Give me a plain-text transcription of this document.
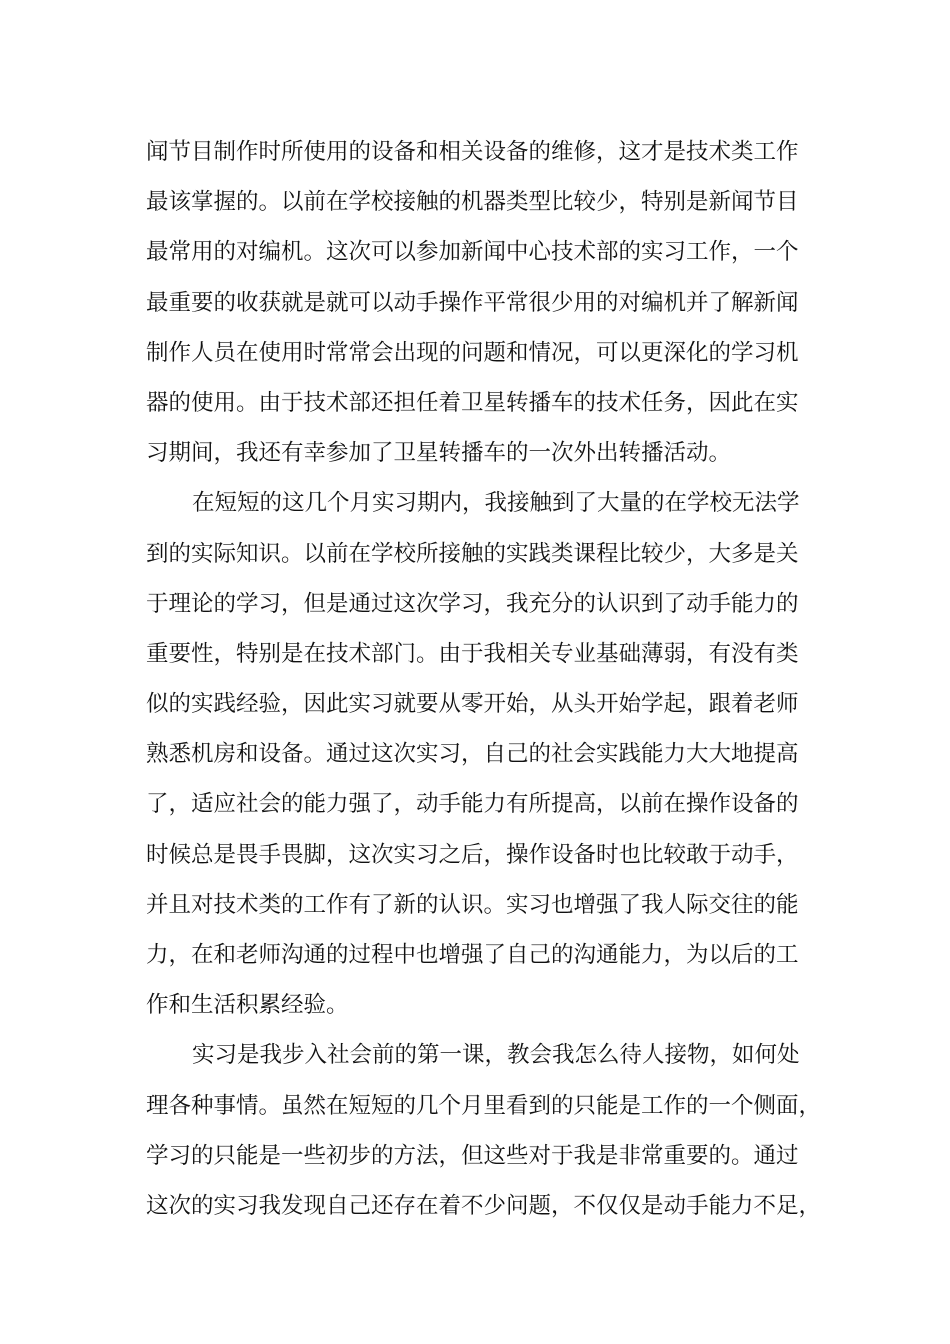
闻节目制作时所使用的设备和相关设备的维修，这才是技术类工作
最该掌握的。以前在学校接触的机器类型比较少，特别是新闻节目
最常用的对编机。这次可以参加新闻中心技术部的实习工作，一个
最重要的收获就是就可以动手操作平常很少用的对编机并了解新闻
制作人员在使用时常常会出现的问题和情况，可以更深化的学习机
器的使用。由于技术部还担任着卫星转播车的技术任务，因此在实
习期间，我还有幸参加了卫星转播车的一次外出转播活动。
在短短的这几个月实习期内，我接触到了大量的在学校无法学
到的实际知识。以前在学校所接触的实践类课程比较少，大多是关
于理论的学习，但是通过这次学习，我充分的认识到了动手能力的
重要性，特别是在技术部门。由于我相关专业基础薄弱，有没有类
似的实践经验，因此实习就要从零开始，从头开始学起，跟着老师
熟悉机房和设备。通过这次实习，自己的社会实践能力大大地提高
了，适应社会的能力强了，动手能力有所提高，以前在操作设备的
时候总是畏手畏脚，这次实习之后，操作设备时也比较敢于动手，
并且对技术类的工作有了新的认识。实习也增强了我人际交往的能
力，在和老师沟通的过程中也增强了自己的沟通能力，为以后的工
作和生活积累经验。
实习是我步入社会前的第一课，教会我怎么待人接物，如何处
理各种事情。虽然在短短的几个月里看到的只能是工作的一个侧面，
学习的只能是一些初步的方法，但这些对于我是非常重要的。通过
这次的实习我发现自己还存在着不少问题，不仅仅是动手能力不足，
